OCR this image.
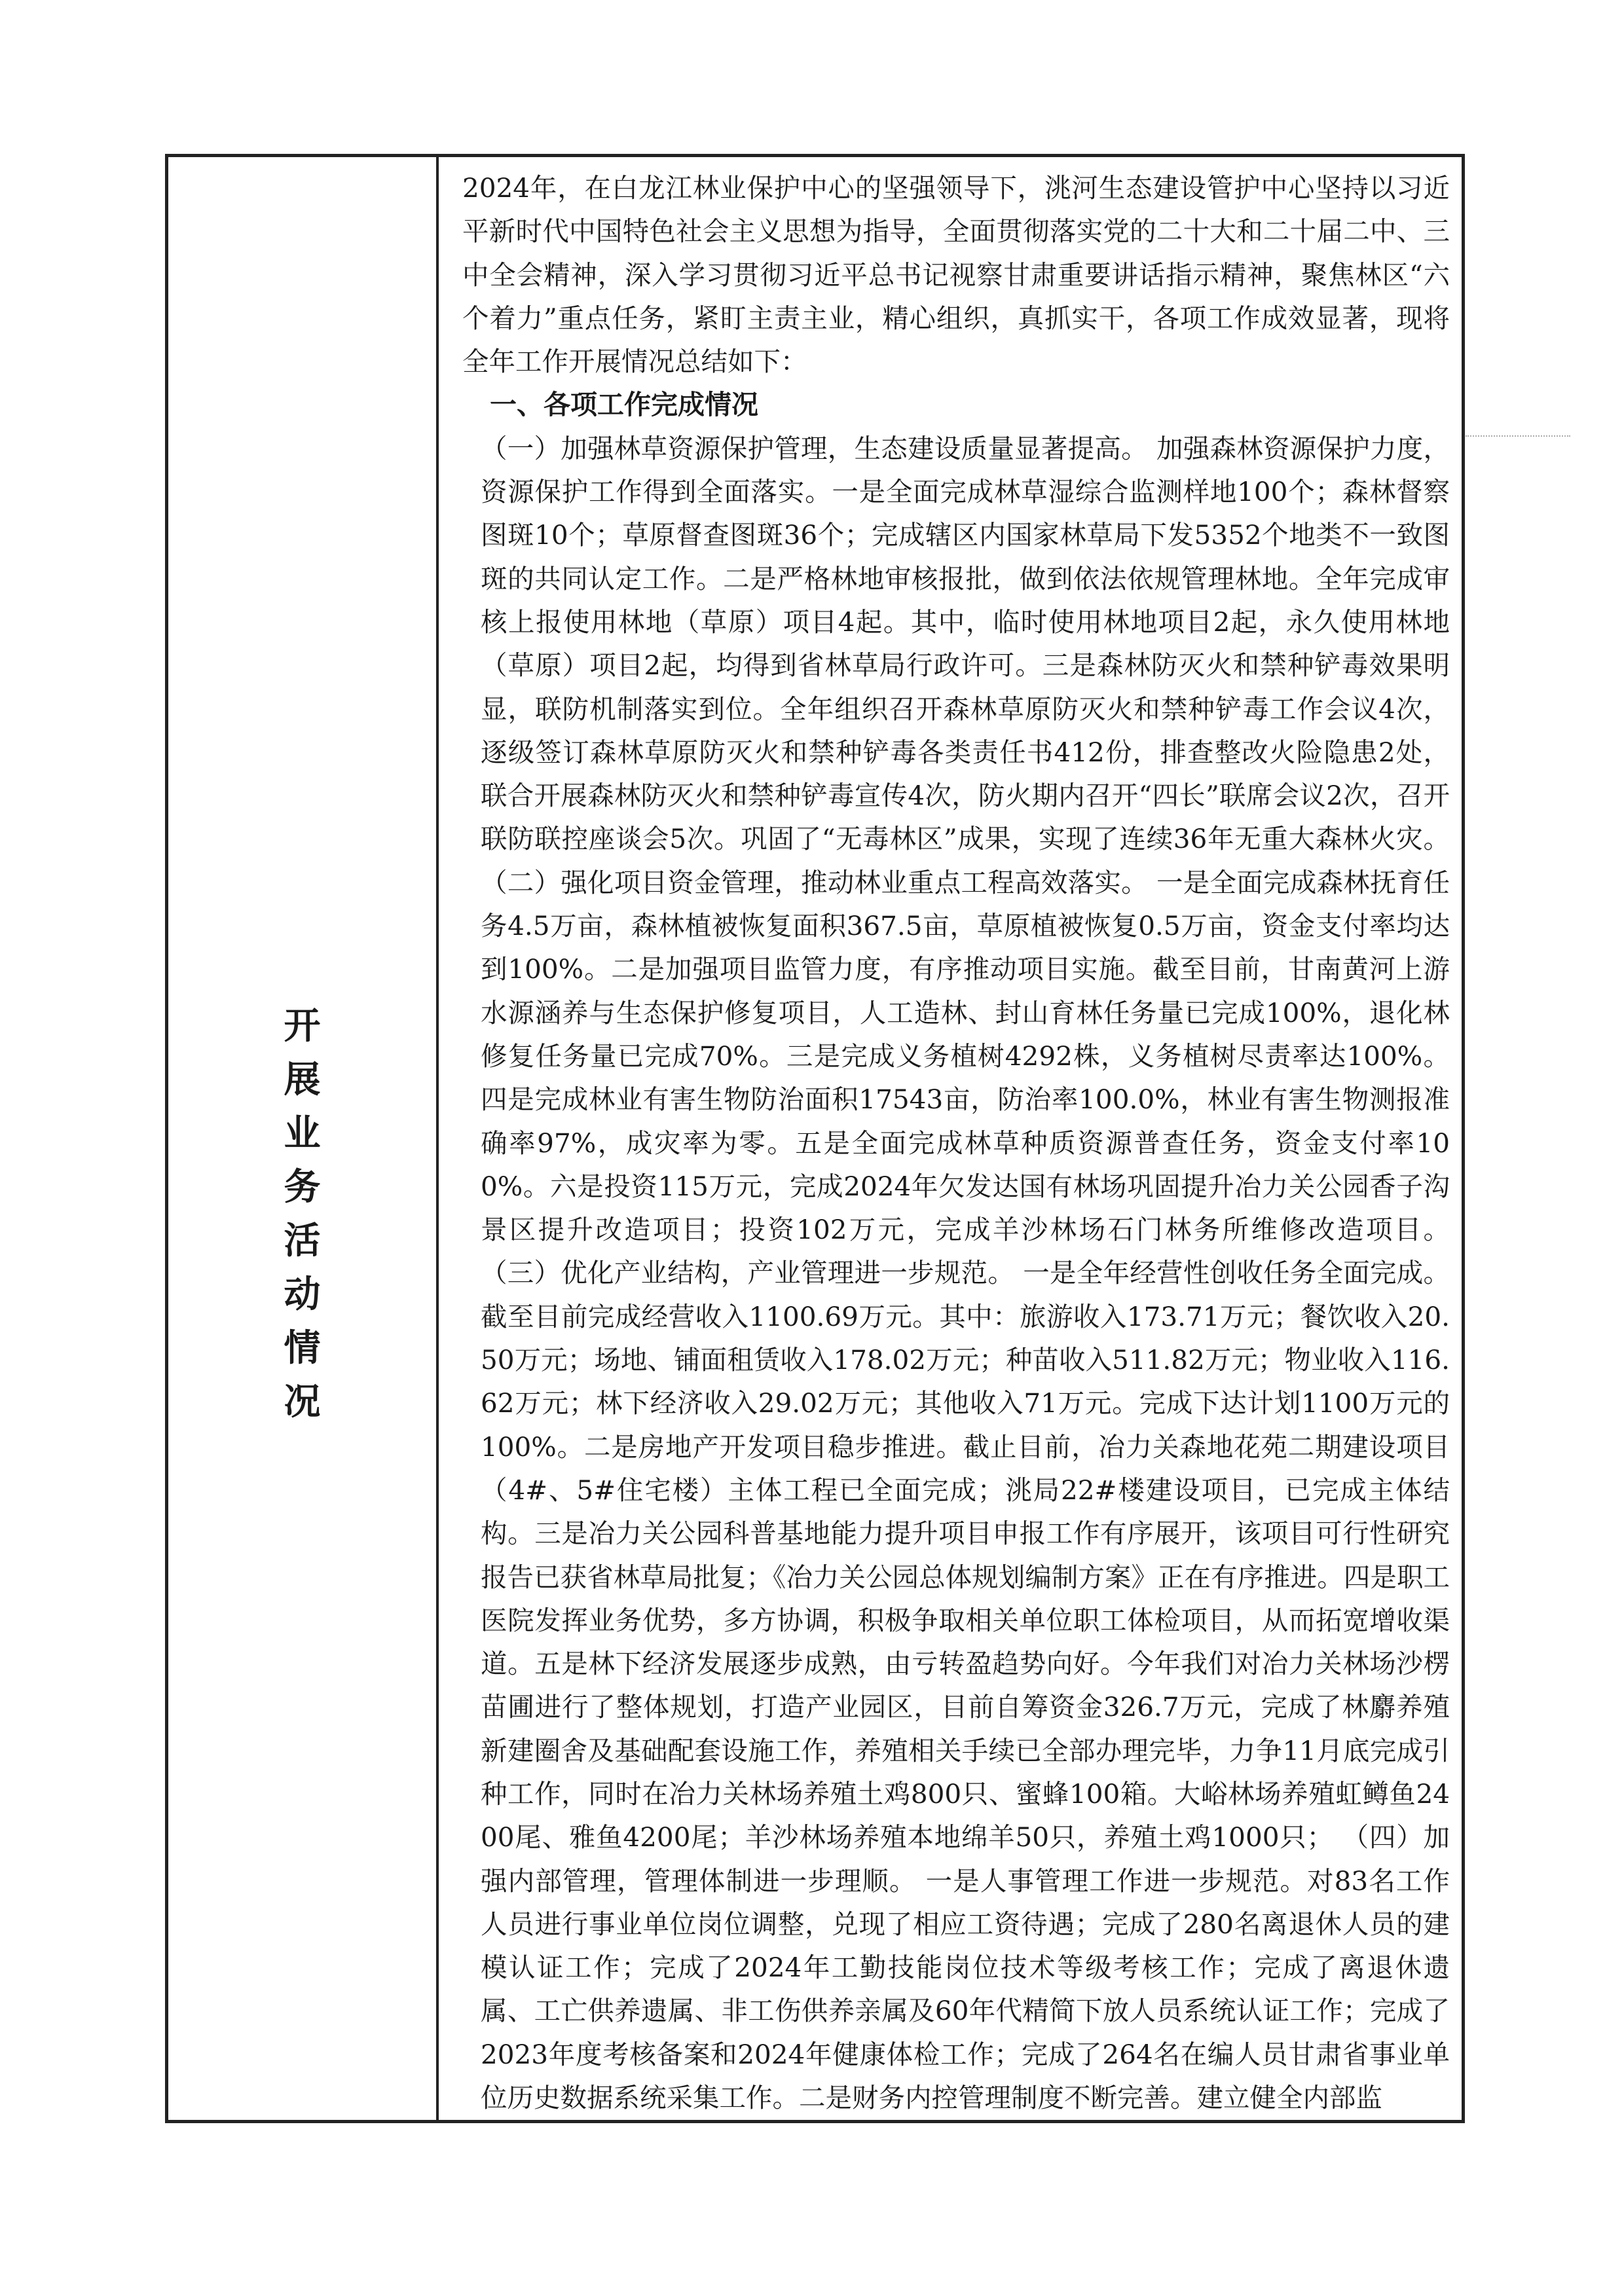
开
展
业
务
活
动
情
况

2024年，在白龙江林业保护中心的坚强领导下，洮河生态建设管护中心坚持以习近平新时代中国特色社会主义思想为指导，全面贯彻落实党的二十大和二十届二中、三中全会精神，深入学习贯彻习近平总书记视察甘肃重要讲话指示精神，聚焦林区“六个着力”重点任务，紧盯主责主业，精心组织，真抓实干，各项工作成效显著，现将全年工作开展情况总结如下：

一、各项工作完成情况

（一）加强林草资源保护管理，生态建设质量显著提高。 加强森林资源保护力度，资源保护工作得到全面落实。一是全面完成林草湿综合监测样地100个；森林督察图斑10个；草原督查图斑36个；完成辖区内国家林草局下发5352个地类不一致图斑的共同认定工作。二是严格林地审核报批，做到依法依规管理林地。全年完成审核上报使用林地（草原）项目4起。其中，临时使用林地项目2起，永久使用林地（草原）项目2起，均得到省林草局行政许可。三是森林防灭火和禁种铲毒效果明显，联防机制落实到位。全年组织召开森林草原防灭火和禁种铲毒工作会议4次，逐级签订森林草原防灭火和禁种铲毒各类责任书412份，排查整改火险隐患2处，联合开展森林防灭火和禁种铲毒宣传4次，防火期内召开“四长”联席会议2次，召开联防联控座谈会5次。巩固了“无毒林区”成果，实现了连续36年无重大森林火灾。 （二）强化项目资金管理，推动林业重点工程高效落实。 一是全面完成森林抚育任务4.5万亩，森林植被恢复面积367.5亩，草原植被恢复0.5万亩，资金支付率均达到100%。二是加强项目监管力度，有序推动项目实施。截至目前，甘南黄河上游水源涵养与生态保护修复项目，人工造林、封山育林任务量已完成100%，退化林修复任务量已完成70%。三是完成义务植树4292株，义务植树尽责率达100%。四是完成林业有害生物防治面积17543亩，防治率100.0%，林业有害生物测报准确率97%，成灾率为零。五是全面完成林草种质资源普查任务，资金支付率100%。六是投资115万元，完成2024年欠发达国有林场巩固提升冶力关公园香子沟景区提升改造项目；投资102万元，完成羊沙林场石门林务所维修改造项目。 （三）优化产业结构，产业管理进一步规范。 一是全年经营性创收任务全面完成。截至目前完成经营收入1100.69万元。其中：旅游收入173.71万元；餐饮收入20.50万元；场地、铺面租赁收入178.02万元；种苗收入511.82万元；物业收入116.62万元；林下经济收入29.02万元；其他收入71万元。完成下达计划1100万元的100%。二是房地产开发项目稳步推进。截止目前，冶力关森地花苑二期建设项目（4#、5#住宅楼）主体工程已全面完成；洮局22#楼建设项目，已完成主体结构。三是冶力关公园科普基地能力提升项目申报工作有序展开，该项目可行性研究报告已获省林草局批复；《冶力关公园总体规划编制方案》正在有序推进。四是职工医院发挥业务优势，多方协调，积极争取相关单位职工体检项目，从而拓宽增收渠道。五是林下经济发展逐步成熟，由亏转盈趋势向好。今年我们对冶力关林场沙楞苗圃进行了整体规划，打造产业园区，目前自筹资金326.7万元，完成了林麝养殖新建圈舍及基础配套设施工作，养殖相关手续已全部办理完毕，力争11月底完成引种工作，同时在冶力关林场养殖土鸡800只、蜜蜂100箱。大峪林场养殖虹鳟鱼2400尾、雅鱼4200尾；羊沙林场养殖本地绵羊50只，养殖土鸡1000只； （四）加强内部管理，管理体制进一步理顺。 一是人事管理工作进一步规范。对83名工作人员进行事业单位岗位调整，兑现了相应工资待遇；完成了280名离退休人员的建模认证工作；完成了2024年工勤技能岗位技术等级考核工作；完成了离退休遗属、工亡供养遗属、非工伤供养亲属及60年代精简下放人员系统认证工作；完成了2023年度考核备案和2024年健康体检工作；完成了264名在编人员甘肃省事业单位历史数据系统采集工作。二是财务内控管理制度不断完善。建立健全内部监
